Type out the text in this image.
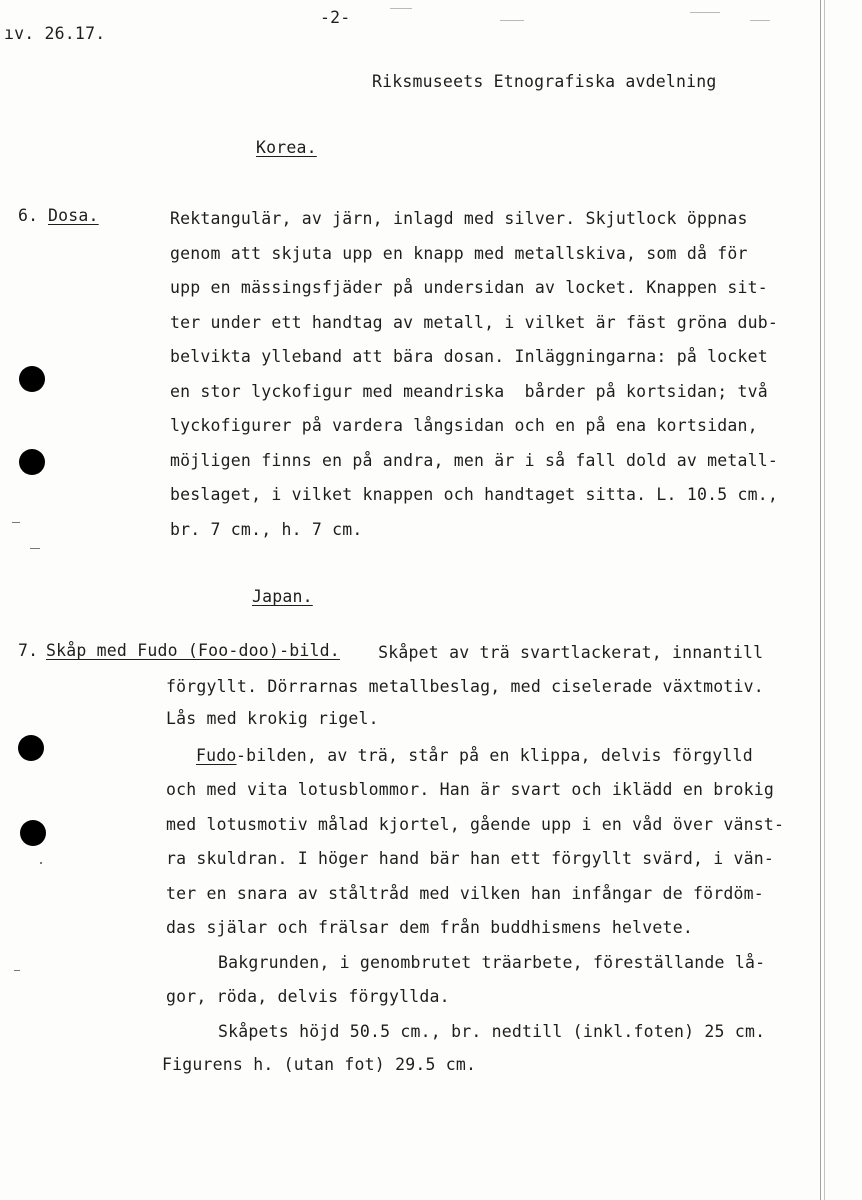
ıv. 26.17.
-2-
Riksmuseets Etnografiska avdelning
Korea.
6. Dosa.	Rektangulär, av järn, inlagd med silver. Skjutlock öppnas
genom att skjuta upp en knapp med metallskiva, som då för
upp en mässingsfjäder på undersidan av locket. Knappen sit-
ter under ett handtag av metall, i vilket är fäst gröna dub-
belvikta ylleband att bära dosan. Inläggningarna: på locket
en stor lyckofigur med meandriska  bårder på kortsidan; två
lyckofigurer på vardera långsidan och en på ena kortsidan,
möjligen finns en på andra, men är i så fall dold av metall-
beslaget, i vilket knappen och handtaget sitta. L. 10.5 cm.,
br. 7 cm., h. 7 cm.
Japan.
7. Skåp med Fudo (Foo-doo)-bild. Skåpet av trä svartlackerat, innantill
förgyllt. Dörrarnas metallbeslag, med ciselerade växtmotiv.
Lås med krokig rigel.
Fudo -bilden, av trä, står på en klippa, delvis förgylld
och med vita lotusblommor. Han är svart och iklädd en brokig
med lotusmotiv målad kjortel, gående upp i en våd över vänst-
ra skuldran. I höger hand bär han ett förgyllt svärd, i vän-
ter en snara av ståltråd med vilken han infångar de fördöm-
das själar och frälsar dem från buddhismens helvete.
Bakgrunden, i genombrutet träarbete, föreställande lå-
gor, röda, delvis förgyllda.
Skåpets höjd 50.5 cm., br. nedtill (inkl.foten) 25 cm.
Figurens h. (utan fot) 29.5 cm.
